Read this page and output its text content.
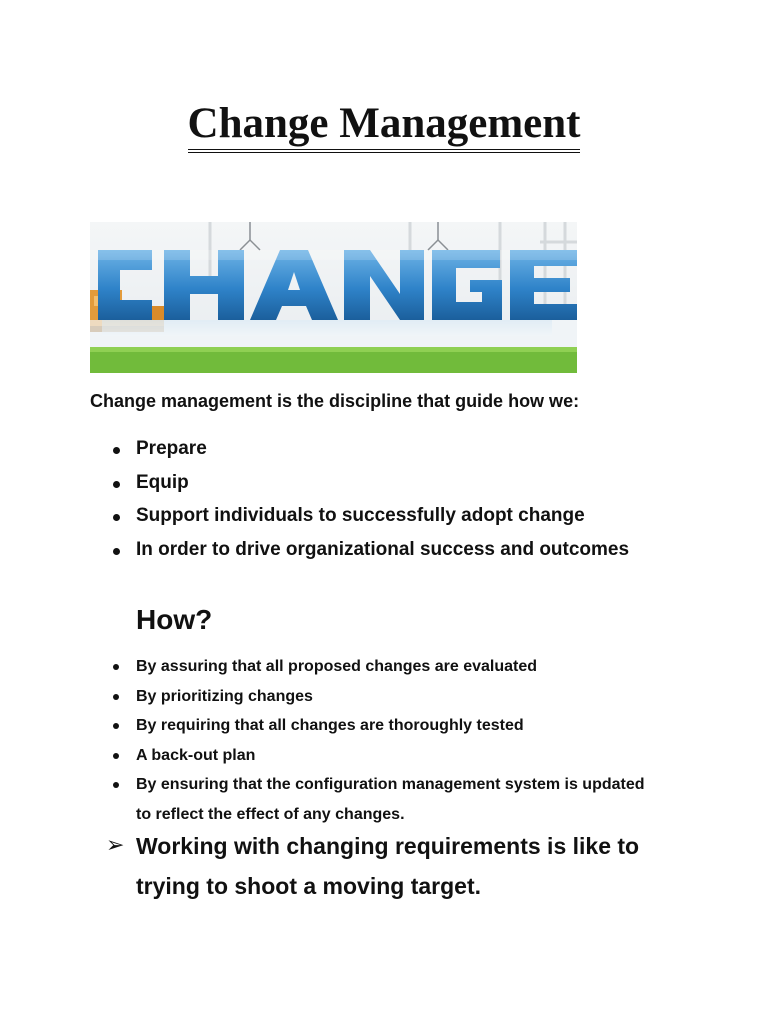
Change Management

Change management is the discipline that guide how we:

Prepare
Equip
Support individuals to successfully adopt change
In order to drive organizational success and outcomes
How?
By assuring that all proposed changes are evaluated
By prioritizing changes
By requiring that all changes are thoroughly tested
A back-out plan
By ensuring that the configuration management system is updated to reflect the effect of any changes.

➢ Working with changing requirements is like to trying to shoot a moving target.
